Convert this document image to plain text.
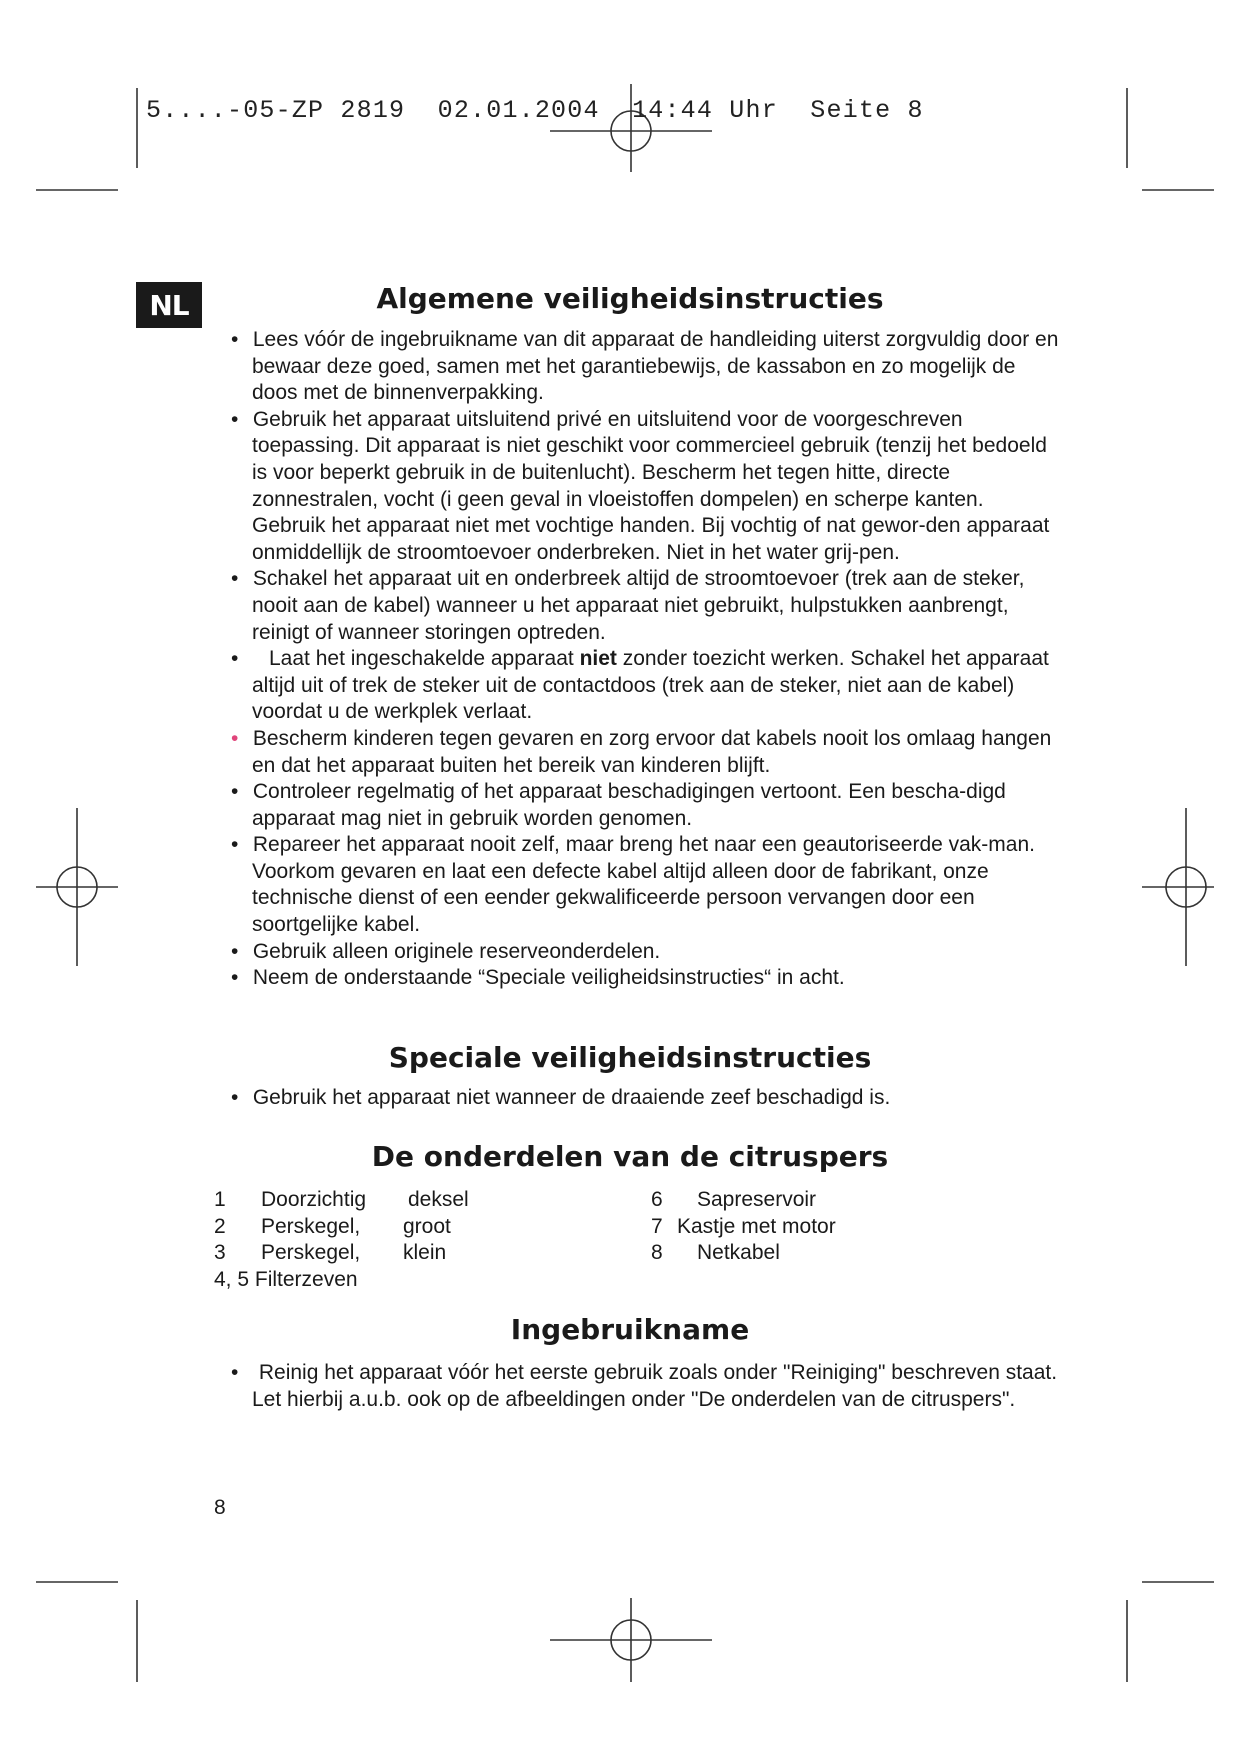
5....-05-ZP 2819  02.01.2004  14:44 Uhr  Seite 8
NL	Algemene veiligheidsinstructies
• Lees vóór de ingebruikname van dit apparaat de handleiding uiterst zorgvuldig door en bewaar deze goed, samen met het garantiebewijs, de kassabon en zo mogelijk de doos met de binnenverpakking.
• Gebruik het apparaat uitsluitend privé en uitsluitend voor de voorgeschreven toepassing. Dit apparaat is niet geschikt voor commercieel gebruik (tenzij het bedoeld is voor beperkt gebruik in de buitenlucht). Bescherm het tegen hitte, directe zonnestralen, vocht (i geen geval in vloeistoffen dompelen) en scherpe kanten. Gebruik het apparaat niet met vochtige handen. Bij vochtig of nat gewor-den apparaat onmiddellijk de stroomtoevoer onderbreken. Niet in het water grij-pen.
• Schakel het apparaat uit en onderbreek altijd de stroomtoevoer (trek aan de steker, nooit aan de kabel) wanneer u het apparaat niet gebruikt, hulpstukken aanbrengt, reinigt of wanneer storingen optreden.
• Laat het ingeschakelde apparaat niet zonder toezicht werken. Schakel het apparaat altijd uit of trek de steker uit de contactdoos (trek aan de steker, niet aan de kabel) voordat u de werkplek verlaat.
• Bescherm kinderen tegen gevaren en zorg ervoor dat kabels nooit los omlaag hangen en dat het apparaat buiten het bereik van kinderen blijft.
• Controleer regelmatig of het apparaat beschadigingen vertoont. Een bescha-digd apparaat mag niet in gebruik worden genomen.
• Repareer het apparaat nooit zelf, maar breng het naar een geautoriseerde vak-man. Voorkom gevaren en laat een defecte kabel altijd alleen door de fabrikant, onze technische dienst of een eender gekwalificeerde persoon vervangen door een soortgelijke kabel.
• Gebruik alleen originele reserveonderdelen.
• Neem de onderstaande “Speciale veiligheidsinstructies“ in acht.
Speciale veiligheidsinstructies
• Gebruik het apparaat niet wanneer de draaiende zeef beschadigd is.
De onderdelen van de citruspers
1 Doorzichtig deksel
2 Perskegel, groot
3 Perskegel, klein
4, 5 Filterzeven
6 Sapreservoir
7 Kastje met motor
8 Netkabel
Ingebruikname
• Reinig het apparaat vóór het eerste gebruik zoals onder "Reiniging" beschreven staat. Let hierbij a.u.b. ook op de afbeeldingen onder "De onderdelen van de citruspers".
8
